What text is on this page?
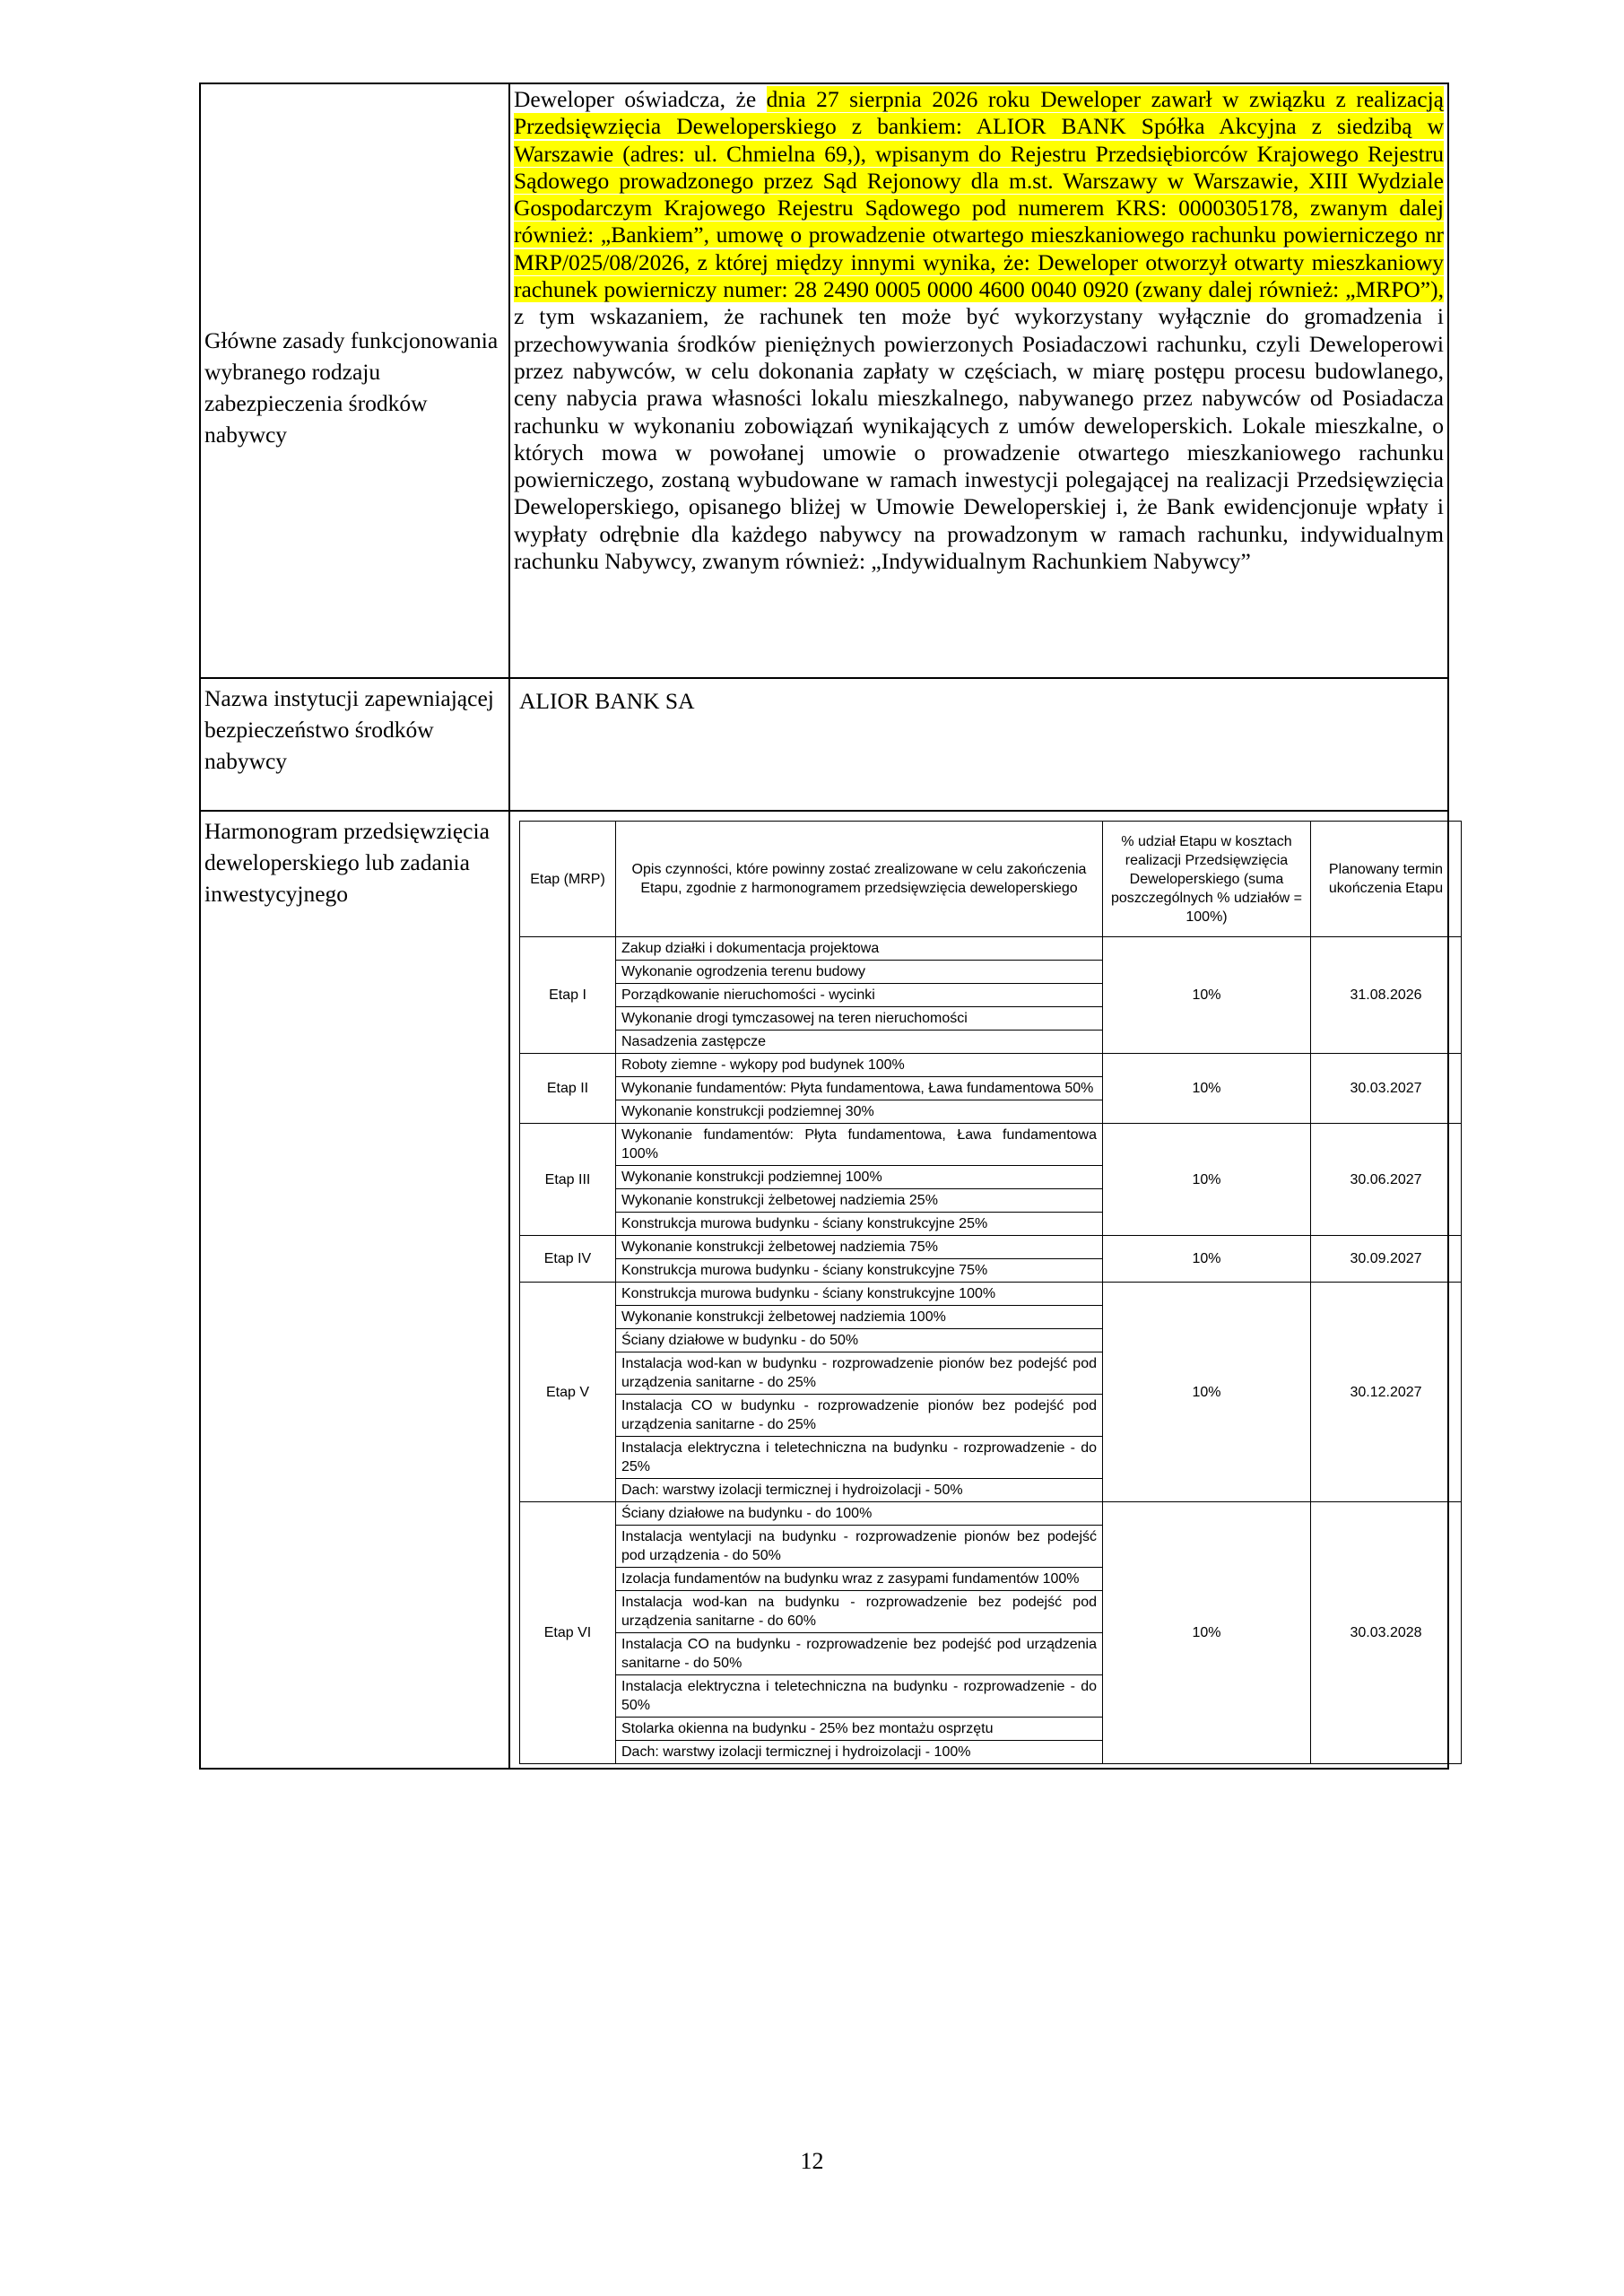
Główne zasady funkcjonowania wybranego rodzaju zabezpieczenia środków nabywcy

Deweloper oświadcza, że dnia 27 sierpnia 2026 roku Deweloper zawarł w związku z realizacją Przedsięwzięcia Deweloperskiego z bankiem: ALIOR BANK Spółka Akcyjna z siedzibą w Warszawie (adres: ul. Chmielna 69,), wpisanym do Rejestru Przedsiębiorców Krajowego Rejestru Sądowego prowadzonego przez Sąd Rejonowy dla m.st. Warszawy w Warszawie, XIII Wydziale Gospodarczym Krajowego Rejestru Sądowego pod numerem KRS: 0000305178, zwanym dalej również: „Bankiem”, umowę o prowadzenie otwartego mieszkaniowego rachunku powierniczego nr MRP/025/08/2026, z której między innymi wynika, że: Deweloper otworzył otwarty mieszkaniowy rachunek powierniczy numer: 28 2490 0005 0000 4600 0040 0920 (zwany dalej również: „MRPO”), z tym wskazaniem, że rachunek ten może być wykorzystany wyłącznie do gromadzenia i przechowywania środków pieniężnych powierzonych Posiadaczowi rachunku, czyli Deweloperowi przez nabywców, w celu dokonania zapłaty w częściach, w miarę postępu procesu budowlanego, ceny nabycia prawa własności lokalu mieszkalnego, nabywanego przez nabywców od Posiadacza rachunku w wykonaniu zobowiązań wynikających z umów deweloperskich. Lokale mieszkalne, o których mowa w powołanej umowie o prowadzenie otwartego mieszkaniowego rachunku powierniczego, zostaną wybudowane w ramach inwestycji polegającej na realizacji Przedsięwzięcia Deweloperskiego, opisanego bliżej w Umowie Deweloperskiej i, że Bank ewidencjonuje wpłaty i wypłaty odrębnie dla każdego nabywcy na prowadzonym w ramach rachunku, indywidualnym rachunku Nabywcy, zwanym również: „Indywidualnym Rachunkiem Nabywcy”

Nazwa instytucji zapewniającej bezpieczeństwo środków nabywcy

ALIOR BANK SA

Harmonogram przedsięwzięcia deweloperskiego lub zadania inwestycyjnego

Etap (MRP)	Opis czynności, które powinny zostać zrealizowane w celu zakończenia Etapu, zgodnie z harmonogramem przedsięwzięcia deweloperskiego	% udział Etapu w kosztach realizacji Przedsięwzięcia Deweloperskiego (suma poszczególnych % udziałów = 100%)	Planowany termin ukończenia Etapu
Etap I	Zakup działki i dokumentacja projektowa	10%	31.08.2026
Wykonanie ogrodzenia terenu budowy
Porządkowanie nieruchomości - wycinki
Wykonanie drogi tymczasowej na teren nieruchomości
Nasadzenia zastępcze
Etap II	Roboty ziemne - wykopy pod budynek 100%	10%	30.03.2027
Wykonanie fundamentów: Płyta fundamentowa, Ława fundamentowa 50%
Wykonanie konstrukcji podziemnej 30%
Etap III	Wykonanie fundamentów: Płyta fundamentowa, Ława fundamentowa 100%	10%	30.06.2027
Wykonanie konstrukcji podziemnej 100%
Wykonanie konstrukcji żelbetowej nadziemia 25%
Konstrukcja murowa budynku - ściany konstrukcyjne 25%
Etap IV	Wykonanie konstrukcji żelbetowej nadziemia 75%	10%	30.09.2027
Konstrukcja murowa budynku - ściany konstrukcyjne 75%
Etap V	Konstrukcja murowa budynku - ściany konstrukcyjne 100%	10%	30.12.2027
Wykonanie konstrukcji żelbetowej nadziemia 100%
Ściany działowe w budynku - do 50%
Instalacja wod-kan w budynku - rozprowadzenie pionów bez podejść pod urządzenia sanitarne - do 25%
Instalacja CO w budynku - rozprowadzenie pionów bez podejść pod urządzenia sanitarne - do 25%
Instalacja elektryczna i teletechniczna na budynku - rozprowadzenie - do 25%
Dach: warstwy izolacji termicznej i hydroizolacji - 50%
Etap VI	Ściany działowe na budynku - do 100%	10%	30.03.2028
Instalacja wentylacji na budynku - rozprowadzenie pionów bez podejść pod urządzenia - do 50%
Izolacja fundamentów na budynku wraz z zasypami fundamentów 100%
Instalacja wod-kan na budynku - rozprowadzenie bez podejść pod urządzenia sanitarne - do 60%
Instalacja CO na budynku - rozprowadzenie bez podejść pod urządzenia sanitarne - do 50%
Instalacja elektryczna i teletechniczna na budynku - rozprowadzenie - do 50%
Stolarka okienna na budynku - 25% bez montażu osprzętu
Dach: warstwy izolacji termicznej i hydroizolacji - 100%
12
